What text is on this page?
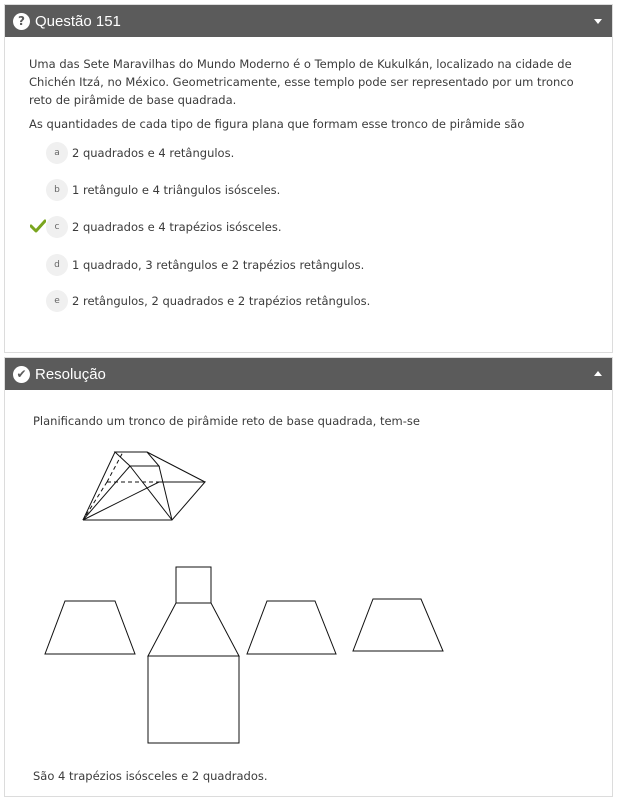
? Questão 151
Uma das Sete Maravilhas do Mundo Moderno é o Templo de Kukulkán, localizado na cidade de Chichén Itzá, no México. Geometricamente, esse templo pode ser representado por um tronco reto de pirâmide de base quadrada.
As quantidades de cada tipo de figura plana que formam esse tronco de pirâmide são
a	2 quadrados e 4 retângulos.
b	1 retângulo e 4 triângulos isósceles.
c	2 quadrados e 4 trapézios isósceles.
d	1 quadrado, 3 retângulos e 2 trapézios retângulos.
e	2 retângulos, 2 quadrados e 2 trapézios retângulos.
✔ Resolução
Planificando um tronco de pirâmide reto de base quadrada, tem-se
São 4 trapézios isósceles e 2 quadrados.
